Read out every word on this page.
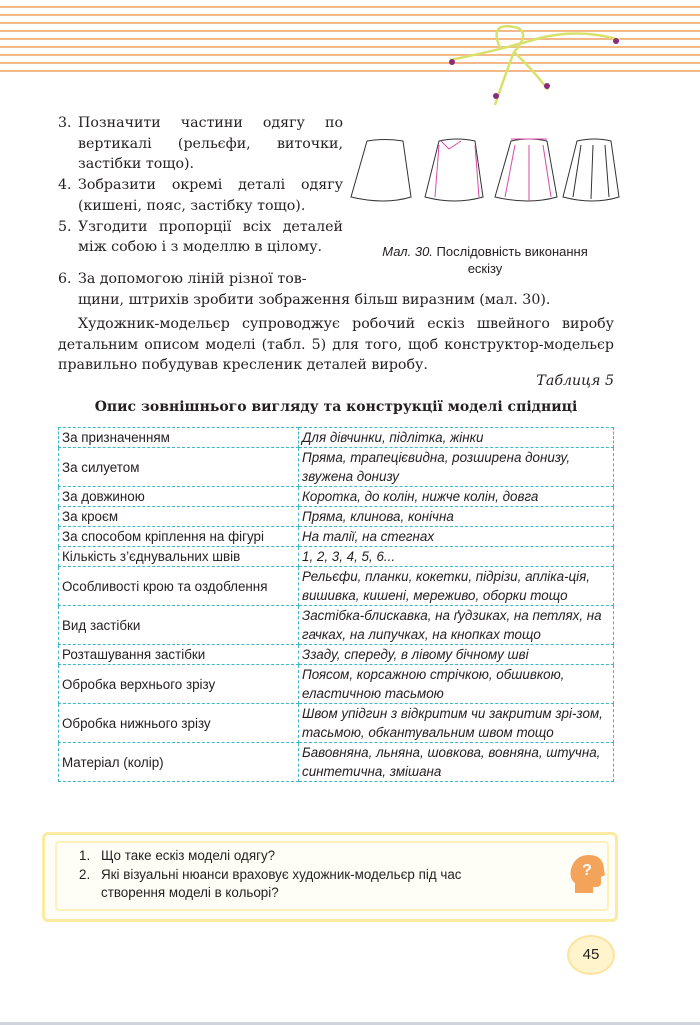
3. Позначити частини одягу по вертикалі (рельєфи, виточки, застібки тощо).
4. Зобразити окремі деталі одягу (кишені, пояс, застібку тощо).
5. Узгодити пропорції всіх деталей між собою і з моделлю в цілому.
6. За допомогою ліній різної тов-
щини, штрихів зробити зображення більш виразним (мал. 30).
Мал. 30. Послідовність виконання ескізу
Художник-модельєр супроводжує робочий ескіз швейного виробу детальним описом моделі (табл. 5) для того, щоб конструктор-модельєр правильно побудував кресленик деталей виробу.
Таблиця 5
Опис зовнішнього вигляду та конструкції моделі спідниці
За призначенням	Для дівчинки, підлітка, жінки
За силуетом	Пряма, трапецієвидна, розширена донизу, звужена донизу
За довжиною	Коротка, до колін, нижче колін, довга
За кроєм	Пряма, клинова, конічна
За способом кріплення на фігурі	На талії, на стегнах
Кількість з’єднувальних швів	1, 2, 3, 4, 5, 6...
Особливості крою та оздоблення	Рельєфи, планки, кокетки, підрізи, апліка-ція, вишивка, кишені, мереживо, оборки тощо
Вид застібки	Застібка-блискавка, на ґудзиках, на петлях, на гачках, на липучках, на кнопках тощо
Розташування застібки	Ззаду, спереду, в лівому бічному шві
Обробка верхнього зрізу	Поясом, корсажною стрічкою, обшивкою, еластичною тасьмою
Обробка нижнього зрізу	Швом упідгин з відкритим чи закритим зрі-зом, тасьмою, обкантувальним швом тощо
Матеріал (колір)	Бавовняна, льняна, шовкова, вовняна, штучна, синтетична, змішана
1. Що таке ескіз моделі одягу?
2. Які візуальні нюанси враховує художник-модельєр під час створення моделі в кольорі?
?
45
